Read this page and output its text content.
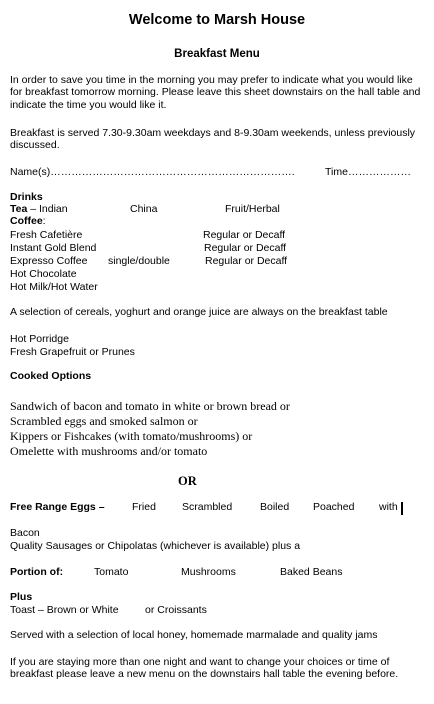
Welcome to Marsh House
Breakfast Menu
In order to save you time in the morning you may prefer to indicate what you would like for breakfast tomorrow morning. Please leave this sheet downstairs on the hall table and indicate the time you would like it.
Breakfast is served 7.30-9.30am weekdays and 8-9.30am weekends, unless previously discussed.
Name(s)…………………………………………………………….	Time………………
Drinks
Tea – Indian	China	Fruit/Herbal
Coffee:
Fresh Cafetière	Regular or Decaff
Instant Gold Blend	Regular or Decaff
Expresso Coffee single/double	Regular or Decaff
Hot Chocolate
Hot Milk/Hot Water
A selection of cereals, yoghurt and orange juice are always on the breakfast table
Hot Porridge
Fresh Grapefruit or Prunes
Cooked Options
Sandwich of bacon and tomato in white or brown bread or
Scrambled eggs and smoked salmon or
Kippers or Fishcakes (with tomato/mushrooms) or
Omelette with mushrooms and/or tomato
OR
Free Range Eggs –	Fried Scrambled	Boiled Poached with
Bacon
Quality Sausages or Chipolatas (whichever is available) plus a
Portion of:	Tomato	Mushrooms	Baked Beans
Plus
Toast – Brown or White	or Croissants
Served with a selection of local honey, homemade marmalade and quality jams
If you are staying more than one night and want to change your choices or time of breakfast please leave a new menu on the downstairs hall table the evening before.
